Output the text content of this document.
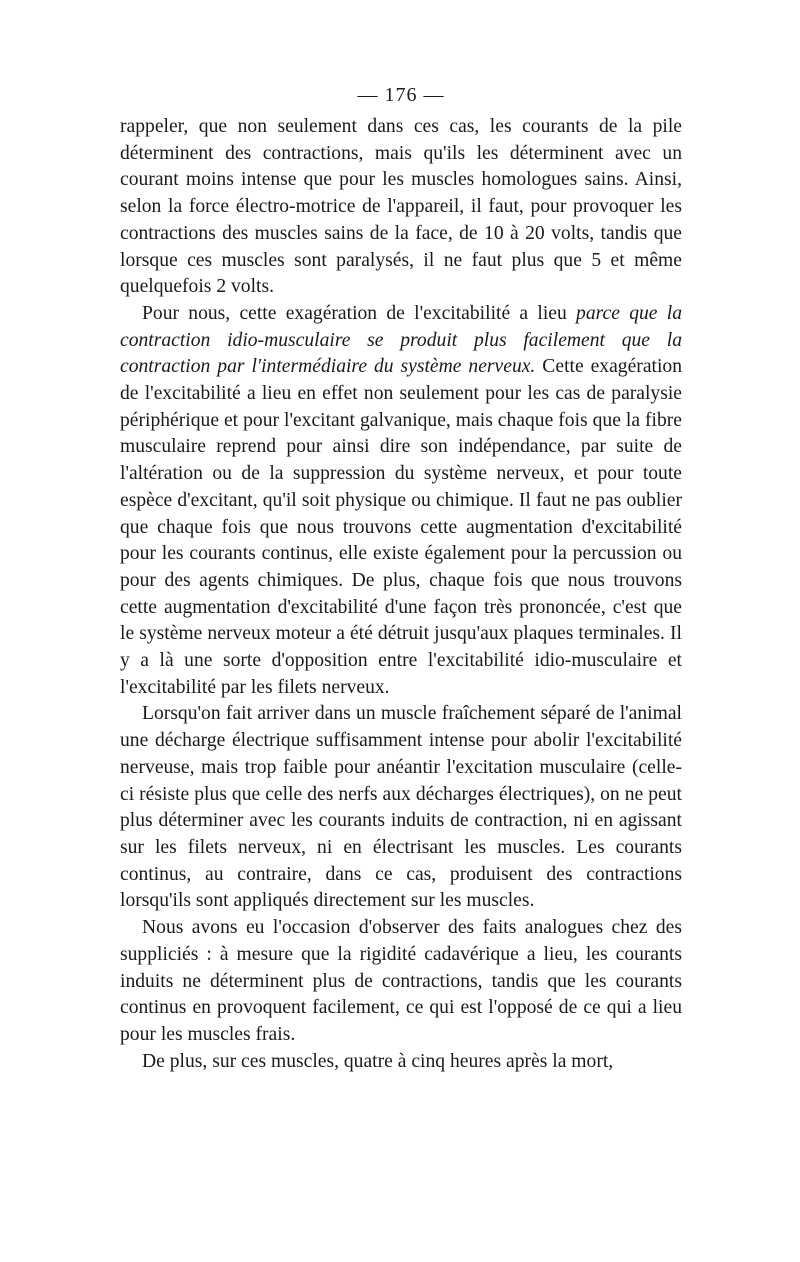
— 176 —

rappeler, que non seulement dans ces cas, les courants de la pile déterminent des contractions, mais qu'ils les déterminent avec un courant moins intense que pour les muscles homologues sains. Ainsi, selon la force électro-motrice de l'appareil, il faut, pour provoquer les contractions des muscles sains de la face, de 10 à 20 volts, tandis que lorsque ces muscles sont paralysés, il ne faut plus que 5 et même quelquefois 2 volts.

Pour nous, cette exagération de l'excitabilité a lieu parce que la contraction idio-musculaire se produit plus facilement que la contraction par l'intermédiaire du système nerveux. Cette exagération de l'excitabilité a lieu en effet non seulement pour les cas de paralysie périphérique et pour l'excitant galvanique, mais chaque fois que la fibre musculaire reprend pour ainsi dire son indépendance, par suite de l'altération ou de la suppression du système nerveux, et pour toute espèce d'excitant, qu'il soit physique ou chimique. Il faut ne pas oublier que chaque fois que nous trouvons cette augmentation d'excitabilité pour les courants continus, elle existe également pour la percussion ou pour des agents chimiques. De plus, chaque fois que nous trouvons cette augmentation d'excitabilité d'une façon très prononcée, c'est que le système nerveux moteur a été détruit jusqu'aux plaques terminales. Il y a là une sorte d'opposition entre l'excitabilité idio-musculaire et l'excitabilité par les filets nerveux.

Lorsqu'on fait arriver dans un muscle fraîchement séparé de l'animal une décharge électrique suffisamment intense pour abolir l'excitabilité nerveuse, mais trop faible pour anéantir l'excitation musculaire (celle-ci résiste plus que celle des nerfs aux décharges électriques), on ne peut plus déterminer avec les courants induits de contraction, ni en agissant sur les filets nerveux, ni en électrisant les muscles. Les courants continus, au contraire, dans ce cas, produisent des contractions lorsqu'ils sont appliqués directement sur les muscles.

Nous avons eu l'occasion d'observer des faits analogues chez des suppliciés : à mesure que la rigidité cadavérique a lieu, les courants induits ne déterminent plus de contractions, tandis que les courants continus en provoquent facilement, ce qui est l'opposé de ce qui a lieu pour les muscles frais.

De plus, sur ces muscles, quatre à cinq heures après la mort,
